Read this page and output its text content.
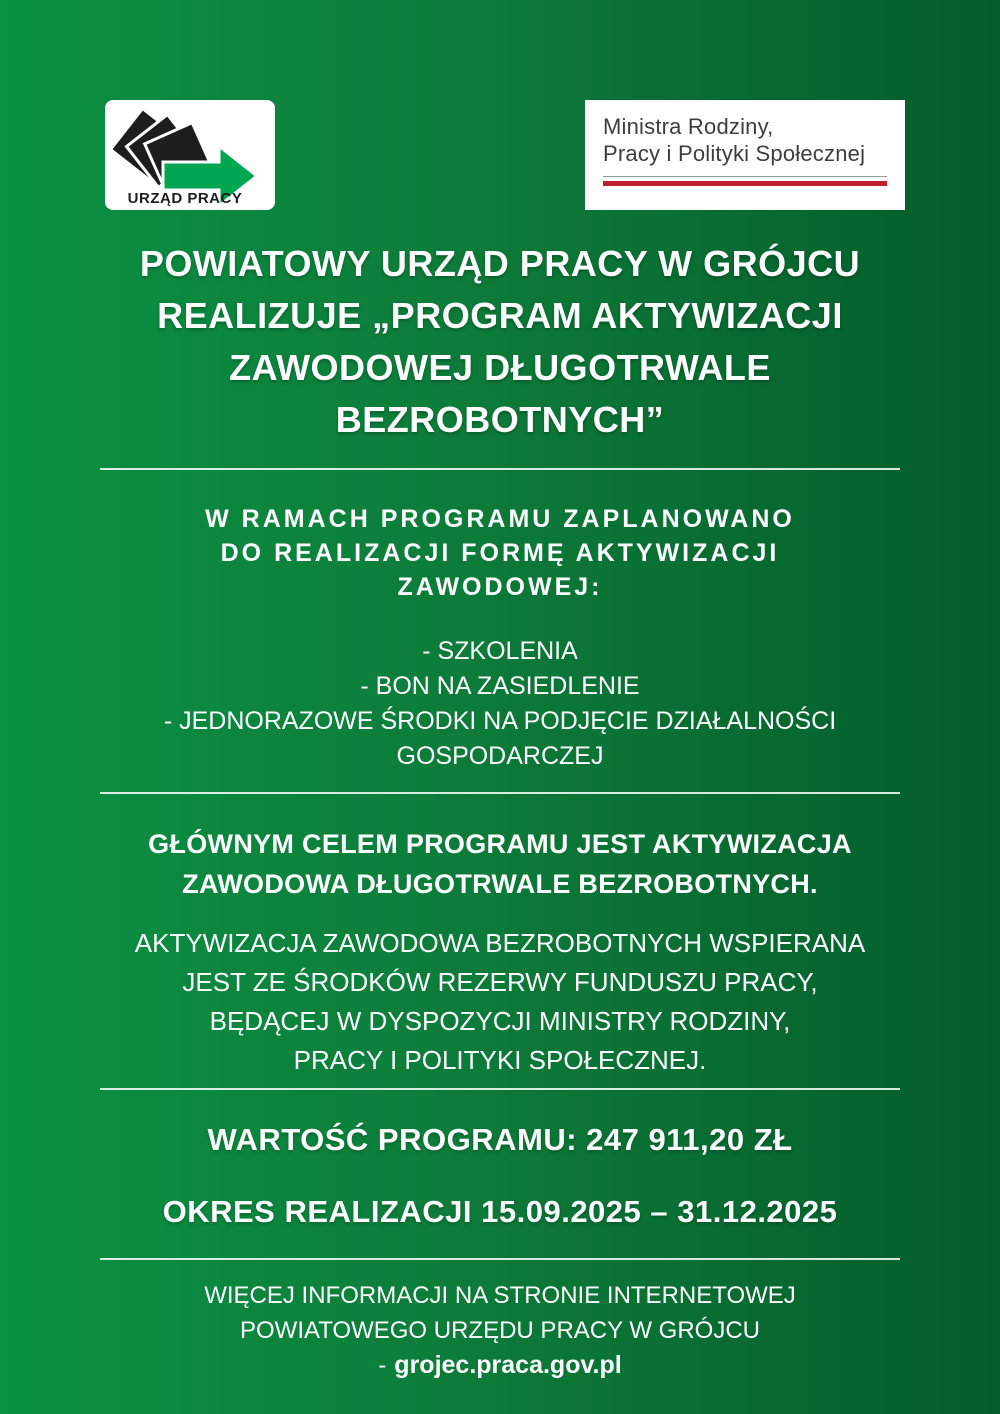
URZĄD PRACY
Ministra Rodziny,
Pracy i Polityki Społecznej
POWIATOWY URZĄD PRACY W GRÓJCU
REALIZUJE „PROGRAM AKTYWIZACJI
ZAWODOWEJ DŁUGOTRWALE
BEZROBOTNYCH”
W RAMACH PROGRAMU ZAPLANOWANO
DO REALIZACJI FORMĘ AKTYWIZACJI
ZAWODOWEJ:
- SZKOLENIA
- BON NA ZASIEDLENIE
- JEDNORAZOWE ŚRODKI NA PODJĘCIE DZIAŁALNOŚCI GOSPODARCZEJ
GŁÓWNYM CELEM PROGRAMU JEST AKTYWIZACJA
ZAWODOWA DŁUGOTRWALE BEZROBOTNYCH.
AKTYWIZACJA ZAWODOWA BEZROBOTNYCH WSPIERANA
JEST ZE ŚRODKÓW REZERWY FUNDUSZU PRACY,
BĘDĄCEJ W DYSPOZYCJI MINISTRY RODZINY,
PRACY I POLITYKI SPOŁECZNEJ.
WARTOŚĆ PROGRAMU: 247 911,20 ZŁ
OKRES REALIZACJI 15.09.2025 – 31.12.2025
WIĘCEJ INFORMACJI NA STRONIE INTERNETOWEJ
POWIATOWEGO URZĘDU PRACY W GRÓJCU
- grojec.praca.gov.pl
